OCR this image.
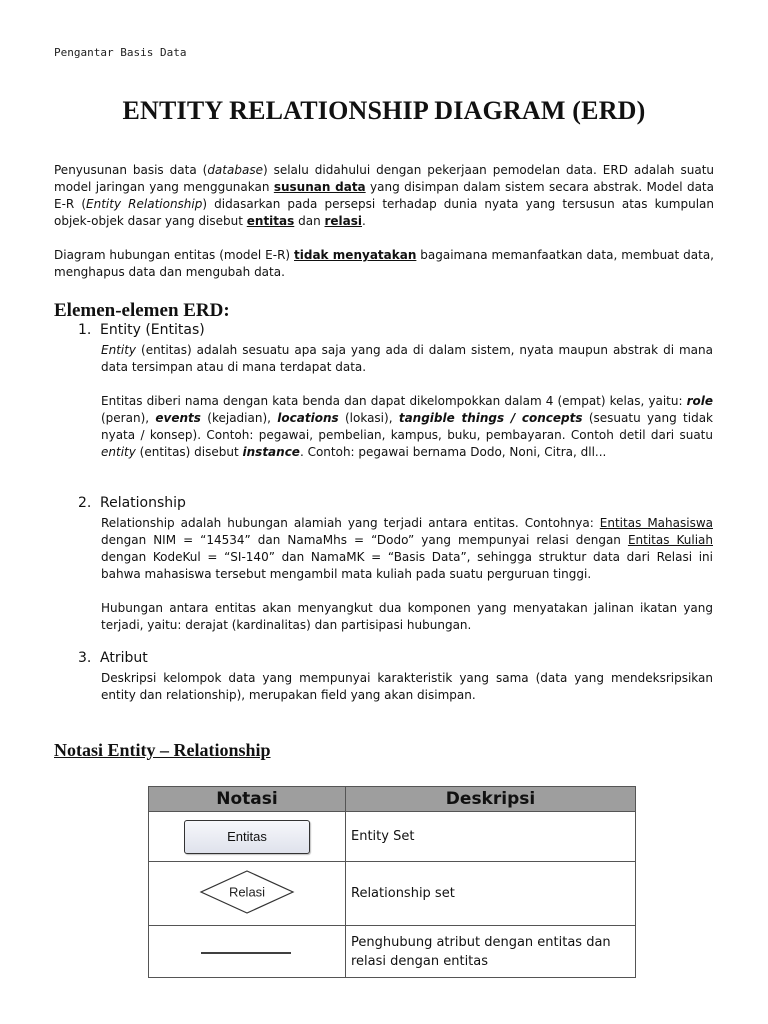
Pengantar Basis Data
ENTITY RELATIONSHIP DIAGRAM (ERD)

Penyusunan basis data (database) selalu didahului dengan pekerjaan pemodelan data. ERD adalah suatu model jaringan yang menggunakan susunan data yang disimpan dalam sistem secara abstrak. Model data E-R (Entity Relationship) didasarkan pada persepsi terhadap dunia nyata yang tersusun atas kumpulan objek-objek dasar yang disebut entitas dan relasi.

Diagram hubungan entitas (model E-R) tidak menyatakan bagaimana memanfaatkan data, membuat data, menghapus data dan mengubah data.

Elemen-elemen ERD:
1. Entity (Entitas)

Entity (entitas) adalah sesuatu apa saja yang ada di dalam sistem, nyata maupun abstrak di mana data tersimpan atau di mana terdapat data.

Entitas diberi nama dengan kata benda dan dapat dikelompokkan dalam 4 (empat) kelas, yaitu: role (peran), events (kejadian), locations (lokasi), tangible things / concepts (sesuatu yang tidak nyata / konsep). Contoh: pegawai, pembelian, kampus, buku, pembayaran. Contoh detil dari suatu entity (entitas) disebut instance. Contoh: pegawai bernama Dodo, Noni, Citra, dll...

2. Relationship

Relationship adalah hubungan alamiah yang terjadi antara entitas. Contohnya: Entitas Mahasiswa dengan NIM = “14534” dan NamaMhs = “Dodo” yang mempunyai relasi dengan Entitas Kuliah dengan KodeKul = “SI-140” dan NamaMK = “Basis Data”, sehingga struktur data dari Relasi ini bahwa mahasiswa tersebut mengambil mata kuliah pada suatu perguruan tinggi.

Hubungan antara entitas akan menyangkut dua komponen yang menyatakan jalinan ikatan yang terjadi, yaitu: derajat (kardinalitas) dan partisipasi hubungan.

3. Atribut

Deskripsi kelompok data yang mempunyai karakteristik yang sama (data yang mendeksripsikan entity dan relationship), merupakan field yang akan disimpan.

Notasi Entity – Relationship
Notasi	Deskripsi
Entitas	Entity Set

Relasi	Relationship set
	Penghubung atribut dengan entitas dan relasi dengan entitas
